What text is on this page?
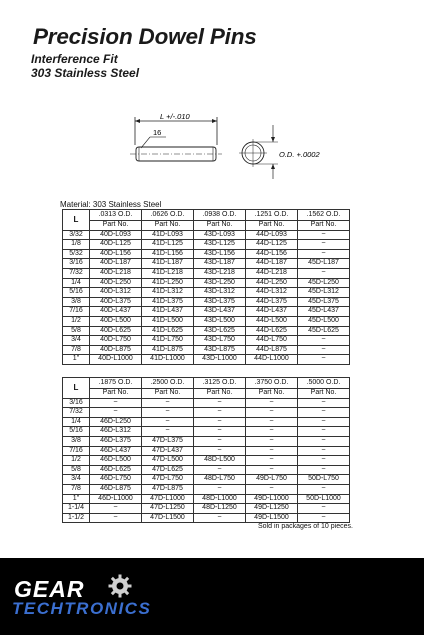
Precision Dowel Pins
Interference Fit
303 Stainless Steel
L +/-.010
16
O.D. +.0002
Material: 303 Stainless Steel
L	.0313 O.D.	.0626 O.D.	.0938 O.D.	.1251 O.D.	.1562 O.D.
	Part No.	Part No.	Part No.	Part No.	Part No.
3/32	40D-L093	41D-L093	43D-L093	44D-L093	~
1/8	40D-L125	41D-L125	43D-L125	44D-L125	~
5/32	40D-L156	41D-L156	43D-L156	44D-L156	~
3/16	40D-L187	41D-L187	43D-L187	44D-L187	45D-L187
7/32	40D-L218	41D-L218	43D-L218	44D-L218	~
1/4	40D-L250	41D-L250	43D-L250	44D-L250	45D-L250
5/16	40D-L312	41D-L312	43D-L312	44D-L312	45D-L312
3/8	40D-L375	41D-L375	43D-L375	44D-L375	45D-L375
7/16	40D-L437	41D-L437	43D-L437	44D-L437	45D-L437
1/2	40D-L500	41D-L500	43D-L500	44D-L500	45D-L500
5/8	40D-L625	41D-L625	43D-L625	44D-L625	45D-L625
3/4	40D-L750	41D-L750	43D-L750	44D-L750	~
7/8	40D-L875	41D-L875	43D-L875	44D-L875	~
1"	40D-L1000	41D-L1000	43D-L1000	44D-L1000	~
L	.1875 O.D.	.2500 O.D.	.3125 O.D.	.3750 O.D.	.5000 O.D.
	Part No.	Part No.	Part No.	Part No.	Part No.
3/16	~	~	~	~	~
7/32	~	~	~	~	~
1/4	46D-L250	~	~	~	~
5/16	46D-L312	~	~	~	~
3/8	46D-L375	47D-L375	~	~	~
7/16	46D-L437	47D-L437	~	~	~
1/2	46D-L500	47D-L500	48D-L500	~	~
5/8	46D-L625	47D-L625	~	~	~
3/4	46D-L750	47D-L750	48D-L750	49D-L750	50D-L750
7/8	46D-L875	47D-L875	~	~	~
1"	46D-L1000	47D-L1000	48D-L1000	49D-L1000	50D-L1000
1-1/4	~	47D-L1250	48D-L1250	49D-L1250	~
1-1/2	~	47D-L1500	~	49D-L1500	~
Sold in packages of 10 pieces.
GEAR
TECHTRONICS
